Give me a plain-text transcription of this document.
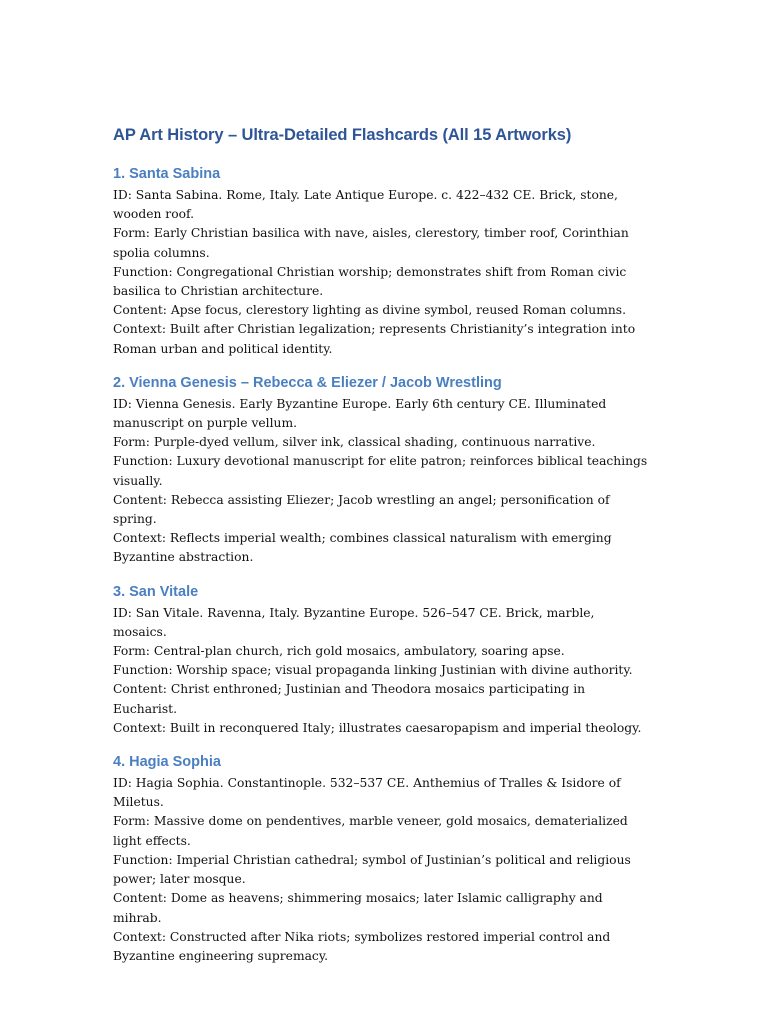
AP Art History – Ultra-Detailed Flashcards (All 15 Artworks)
1. Santa Sabina

ID: Santa Sabina. Rome, Italy. Late Antique Europe. c. 422–432 CE. Brick, stone, wooden roof.

Form: Early Christian basilica with nave, aisles, clerestory, timber roof, Corinthian spolia columns.

Function: Congregational Christian worship; demonstrates shift from Roman civic basilica to Christian architecture.

Content: Apse focus, clerestory lighting as divine symbol, reused Roman columns.

Context: Built after Christian legalization; represents Christianity’s integration into Roman urban and political identity.

2. Vienna Genesis – Rebecca & Eliezer / Jacob Wrestling

ID: Vienna Genesis. Early Byzantine Europe. Early 6th century CE. Illuminated manuscript on purple vellum.

Form: Purple-dyed vellum, silver ink, classical shading, continuous narrative.

Function: Luxury devotional manuscript for elite patron; reinforces biblical teachings visually.

Content: Rebecca assisting Eliezer; Jacob wrestling an angel; personification of spring.

Context: Reflects imperial wealth; combines classical naturalism with emerging Byzantine abstraction.

3. San Vitale

ID: San Vitale. Ravenna, Italy. Byzantine Europe. 526–547 CE. Brick, marble, mosaics.

Form: Central-plan church, rich gold mosaics, ambulatory, soaring apse.

Function: Worship space; visual propaganda linking Justinian with divine authority.

Content: Christ enthroned; Justinian and Theodora mosaics participating in Eucharist.

Context: Built in reconquered Italy; illustrates caesaropapism and imperial theology.

4. Hagia Sophia

ID: Hagia Sophia. Constantinople. 532–537 CE. Anthemius of Tralles & Isidore of Miletus.

Form: Massive dome on pendentives, marble veneer, gold mosaics, dematerialized light effects.

Function: Imperial Christian cathedral; symbol of Justinian’s political and religious power; later mosque.

Content: Dome as heavens; shimmering mosaics; later Islamic calligraphy and mihrab.

Context: Constructed after Nika riots; symbolizes restored imperial control and Byzantine engineering supremacy.
